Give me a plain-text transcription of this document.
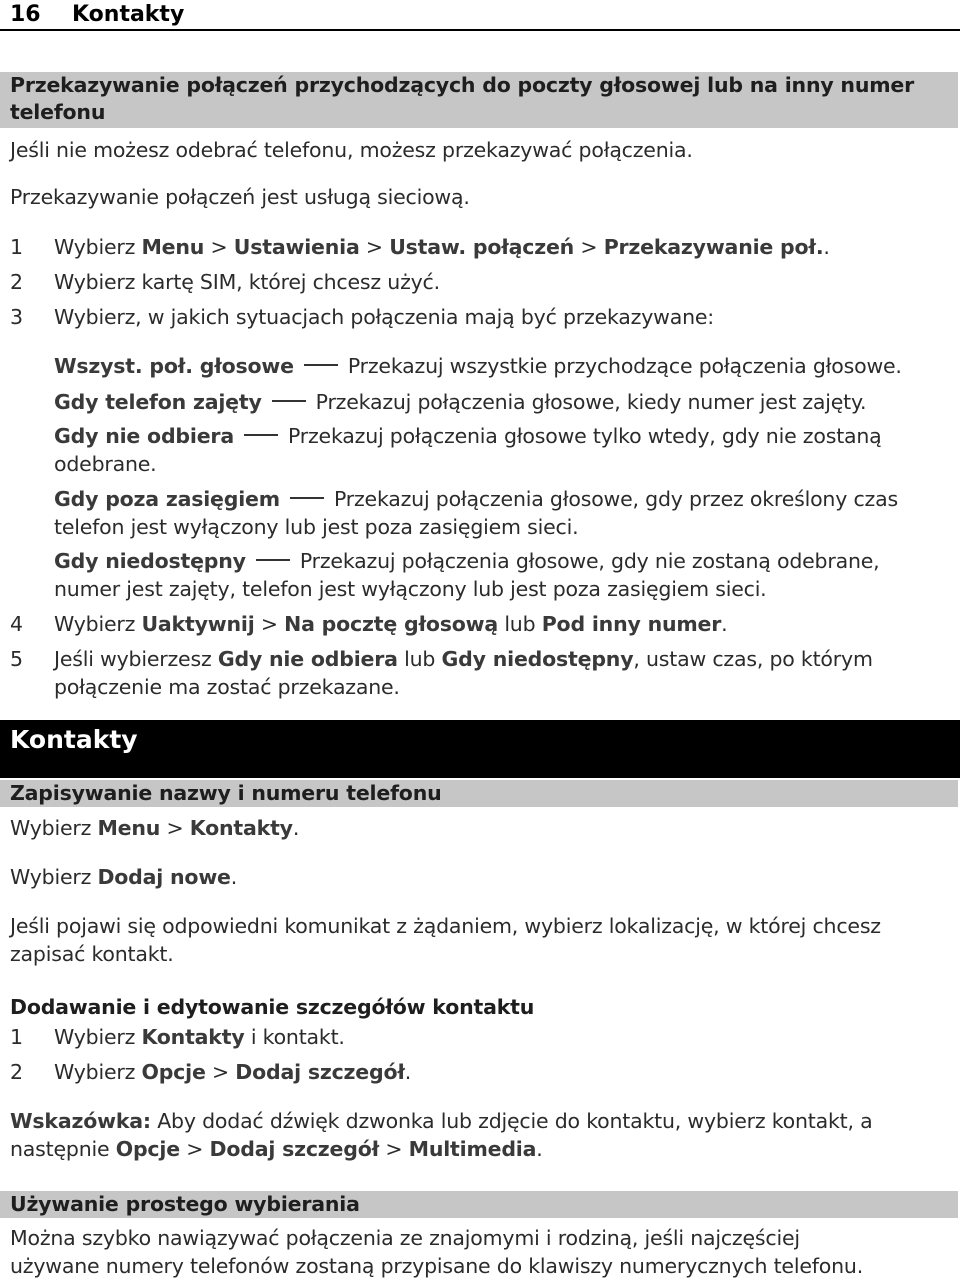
16 Kontakty
Przekazywanie połączeń przychodzących do poczty głosowej lub na inny numer
telefonu
Jeśli nie możesz odebrać telefonu, możesz przekazywać połączenia.
Przekazywanie połączeń jest usługą sieciową.
1 Wybierz Menu > Ustawienia > Ustaw. połączeń > Przekazywanie poł..
2 Wybierz kartę SIM, której chcesz użyć.
3 Wybierz, w jakich sytuacjach połączenia mają być przekazywane:
Wszyst. poł. głosowe	Przekazuj wszystkie przychodzące połączenia głosowe.
Gdy telefon zajęty	Przekazuj połączenia głosowe, kiedy numer jest zajęty.
Gdy nie odbiera	Przekazuj połączenia głosowe tylko wtedy, gdy nie zostaną
odebrane.
Gdy poza zasięgiem	Przekazuj połączenia głosowe, gdy przez określony czas
telefon jest wyłączony lub jest poza zasięgiem sieci.
Gdy niedostępny	Przekazuj połączenia głosowe, gdy nie zostaną odebrane,
numer jest zajęty, telefon jest wyłączony lub jest poza zasięgiem sieci.
4 Wybierz Uaktywnij > Na pocztę głosową lub Pod inny numer.
5 Jeśli wybierzesz Gdy nie odbiera lub Gdy niedostępny, ustaw czas, po którym
połączenie ma zostać przekazane.
Kontakty
Zapisywanie nazwy i numeru telefonu
Wybierz Menu > Kontakty.
Wybierz Dodaj nowe.
Jeśli pojawi się odpowiedni komunikat z żądaniem, wybierz lokalizację, w której chcesz
zapisać kontakt.
Dodawanie i edytowanie szczegółów kontaktu
1 Wybierz Kontakty i kontakt.
2 Wybierz Opcje > Dodaj szczegół.
Wskazówka: Aby dodać dźwięk dzwonka lub zdjęcie do kontaktu, wybierz kontakt, a
następnie Opcje > Dodaj szczegół > Multimedia.
Używanie prostego wybierania
Można szybko nawiązywać połączenia ze znajomymi i rodziną, jeśli najczęściej
używane numery telefonów zostaną przypisane do klawiszy numerycznych telefonu.
